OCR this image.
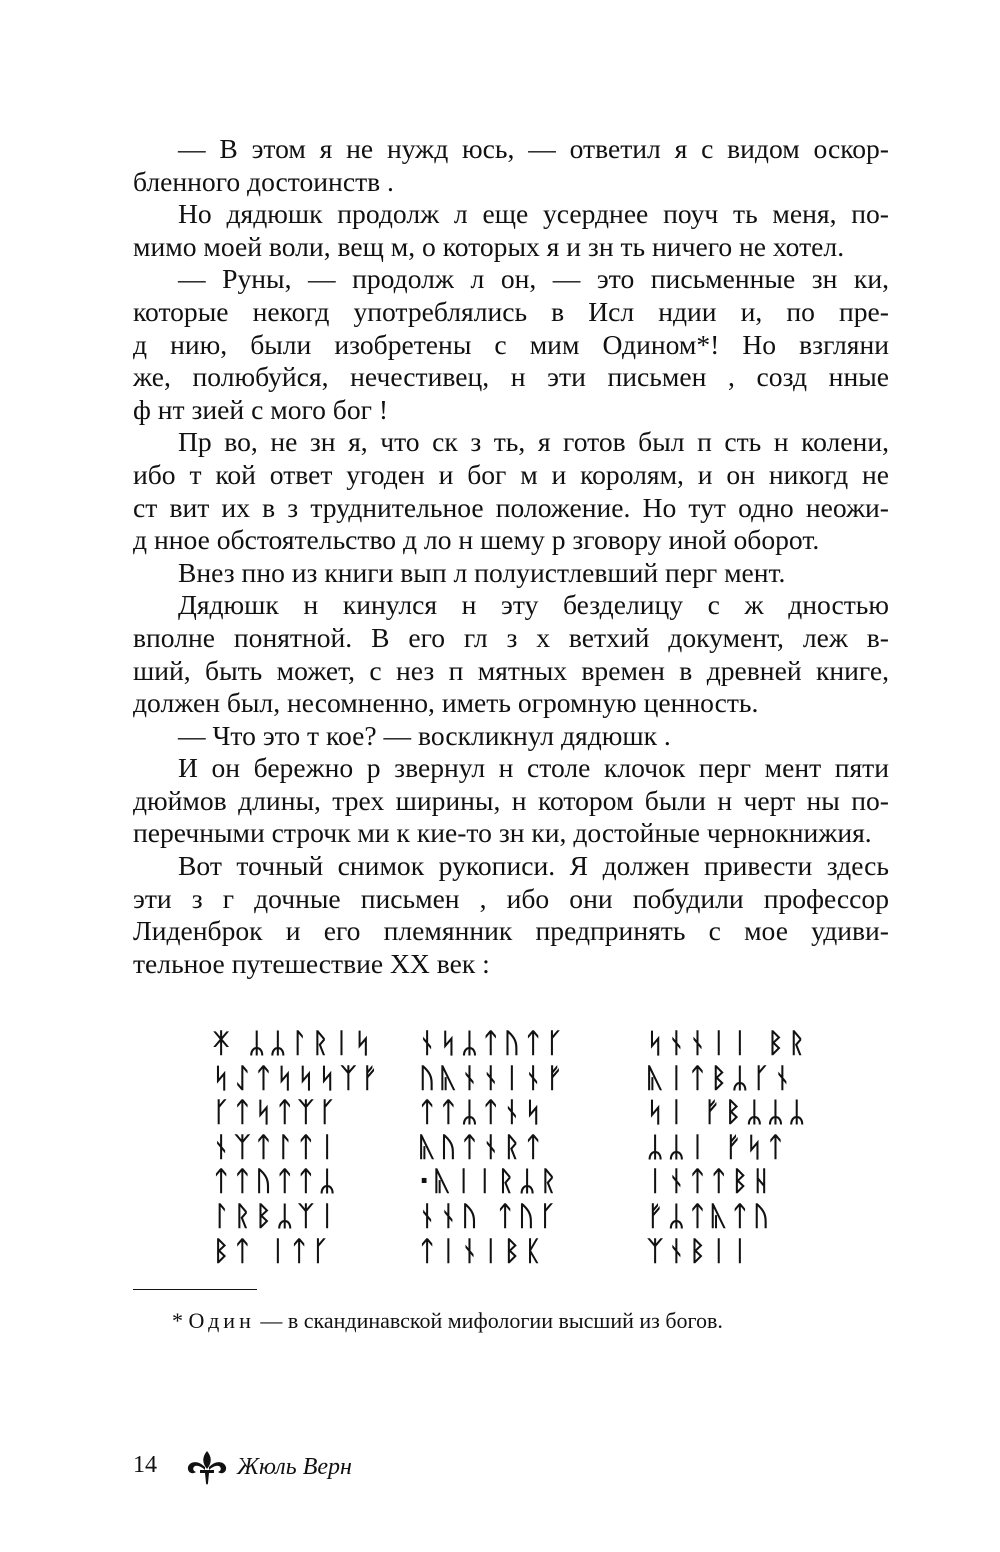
— В этом я не нужд юсь, — ответил я с видом оскор-
бленного достоинств .
Но дядюшк продолж л еще усерднее поуч ть меня, по-
мимо моей воли, вещ м, о которых я и зн ть ничего не хотел.
— Руны, — продолж л он, — это письменные зн ки,
которые некогд употреблялись в Исл ндии и, по пре-
д нию, были изобретены с мим Одином*! Но взгляни
же, полюбуйся, нечестивец, н эти письмен , созд нные
ф нт зией с мого бог !
Пр во, не зн я, что ск з ть, я готов был п сть н колени,
ибо т кой ответ угоден и бог м и королям, и он никогд не
ст вит их в з труднительное положение. Но тут одно неожи-
д нное обстоятельство д ло н шему р зговору иной оборот.
Внез пно из книги вып л полуистлевший перг мент.
Дядюшк н кинулся н эту безделицу с ж дностью
вполне понятной. В его гл з х ветхий документ, леж в-
ший, быть может, с нез п мятных времен в древней книге,
должен был, несомненно, иметь огромную ценность.
— Что это т кое? — воскликнул дядюшк .
И он бережно р звернул н столе клочок перг мент пяти
дюймов длины, трех ширины, н котором были н черт ны по-
перечными строчк ми к кие-то зн ки, достойные чернокнижия.
Вот точный снимок рукописи. Я должен привести здесь
эти з г дочные письмен , ибо они побудили профессор
Лиденброк и его племянник предпринять с мое удиви-
тельное путешествие XX век :
ᛡ ᛦᛦᛚᚱᛁᛋ
ᛋᛇᛏᛋᛋᛋᛉᚠ
ᚴᛏᛋᛏᛉᚴ
ᚾᛉᛏᛚᛏᛁ
ᛏᛏᚢᛏᛏᛦ
ᛚᚱᛒᛦᛉᛁ
ᛒᛏ ᛁᛏᚴ
ᚾᛋᛦᛏᚢᛏᚴ
ᚢᚣᚾᚾᛁᚾᚠ
ᛏᛏᛦᛏᚾᛋ
ᚣᚢᛏᚾᚱᛏ
·ᚣᛁᛁᚱᛦᚱ
ᚾᚾᚢ ᛏᚢᚴ
ᛏᛁᚾᛁᛒᛕ
ᛋᚾᚾᛁᛁ ᛒᚱ
ᚣᛁᛏᛒᛦᚴᚾ
ᛋᛁ ᚠᛒᛦᛦᛦ
ᛦᛦᛁ ᚠᛋᛏ
ᛁᚾᛏᛏᛒᚺ
ᚠᛦᛏᚣᛏᚢ
ᛉᚾᛒᛁᛁ
* Один — в скандинавской мифологии высший из богов.
14	Жюль Верн
